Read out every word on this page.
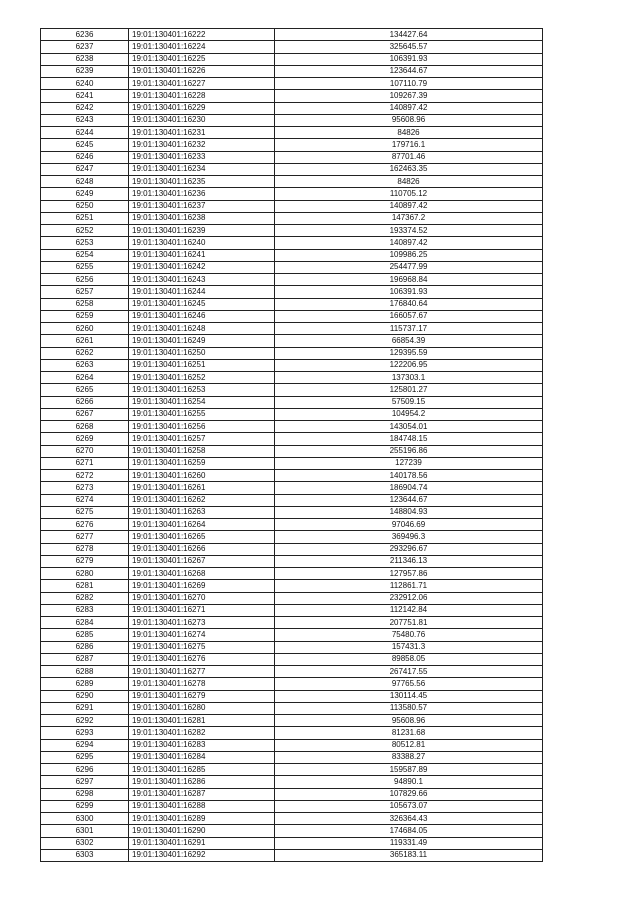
6236	19:01:130401:16222	134427.64
6237	19:01:130401:16224	325645.57
6238	19:01:130401:16225	106391.93
6239	19:01:130401:16226	123644.67
6240	19:01:130401:16227	107110.79
6241	19:01:130401:16228	109267.39
6242	19:01:130401:16229	140897.42
6243	19:01:130401:16230	95608.96
6244	19:01:130401:16231	84826
6245	19:01:130401:16232	179716.1
6246	19:01:130401:16233	87701.46
6247	19:01:130401:16234	162463.35
6248	19:01:130401:16235	84826
6249	19:01:130401:16236	110705.12
6250	19:01:130401:16237	140897.42
6251	19:01:130401:16238	147367.2
6252	19:01:130401:16239	193374.52
6253	19:01:130401:16240	140897.42
6254	19:01:130401:16241	109986.25
6255	19:01:130401:16242	254477.99
6256	19:01:130401:16243	196968.84
6257	19:01:130401:16244	106391.93
6258	19:01:130401:16245	176840.64
6259	19:01:130401:16246	166057.67
6260	19:01:130401:16248	115737.17
6261	19:01:130401:16249	66854.39
6262	19:01:130401:16250	129395.59
6263	19:01:130401:16251	122206.95
6264	19:01:130401:16252	137303.1
6265	19:01:130401:16253	125801.27
6266	19:01:130401:16254	57509.15
6267	19:01:130401:16255	104954.2
6268	19:01:130401:16256	143054.01
6269	19:01:130401:16257	184748.15
6270	19:01:130401:16258	255196.86
6271	19:01:130401:16259	127239
6272	19:01:130401:16260	140178.56
6273	19:01:130401:16261	186904.74
6274	19:01:130401:16262	123644.67
6275	19:01:130401:16263	148804.93
6276	19:01:130401:16264	97046.69
6277	19:01:130401:16265	369496.3
6278	19:01:130401:16266	293296.67
6279	19:01:130401:16267	211346.13
6280	19:01:130401:16268	127957.86
6281	19:01:130401:16269	112861.71
6282	19:01:130401:16270	232912.06
6283	19:01:130401:16271	112142.84
6284	19:01:130401:16273	207751.81
6285	19:01:130401:16274	75480.76
6286	19:01:130401:16275	157431.3
6287	19:01:130401:16276	89858.05
6288	19:01:130401:16277	267417.55
6289	19:01:130401:16278	97765.56
6290	19:01:130401:16279	130114.45
6291	19:01:130401:16280	113580.57
6292	19:01:130401:16281	95608.96
6293	19:01:130401:16282	81231.68
6294	19:01:130401:16283	80512.81
6295	19:01:130401:16284	83388.27
6296	19:01:130401:16285	159587.89
6297	19:01:130401:16286	94890.1
6298	19:01:130401:16287	107829.66
6299	19:01:130401:16288	105673.07
6300	19:01:130401:16289	326364.43
6301	19:01:130401:16290	174684.05
6302	19:01:130401:16291	119331.49
6303	19:01:130401:16292	365183.11
